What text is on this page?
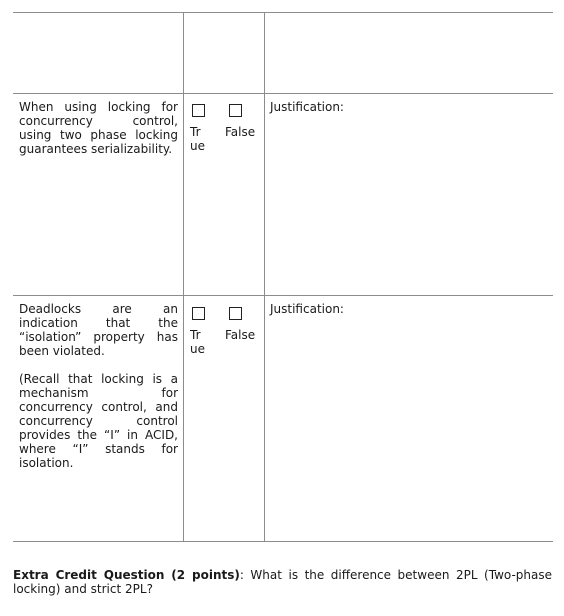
When using locking for concurrency control, using two phase locking guarantees serializability.

True
False
Justification:

Deadlocks are an indication that the “isolation” property has been violated.

(Recall that locking is a mechanism for concurrency control, and concurrency control provides the “I” in ACID, where “I” stands for isolation.

True
False
Justification:
Extra Credit Question (2 points): What is the difference between 2PL (Two-phase locking) and strict 2PL?
